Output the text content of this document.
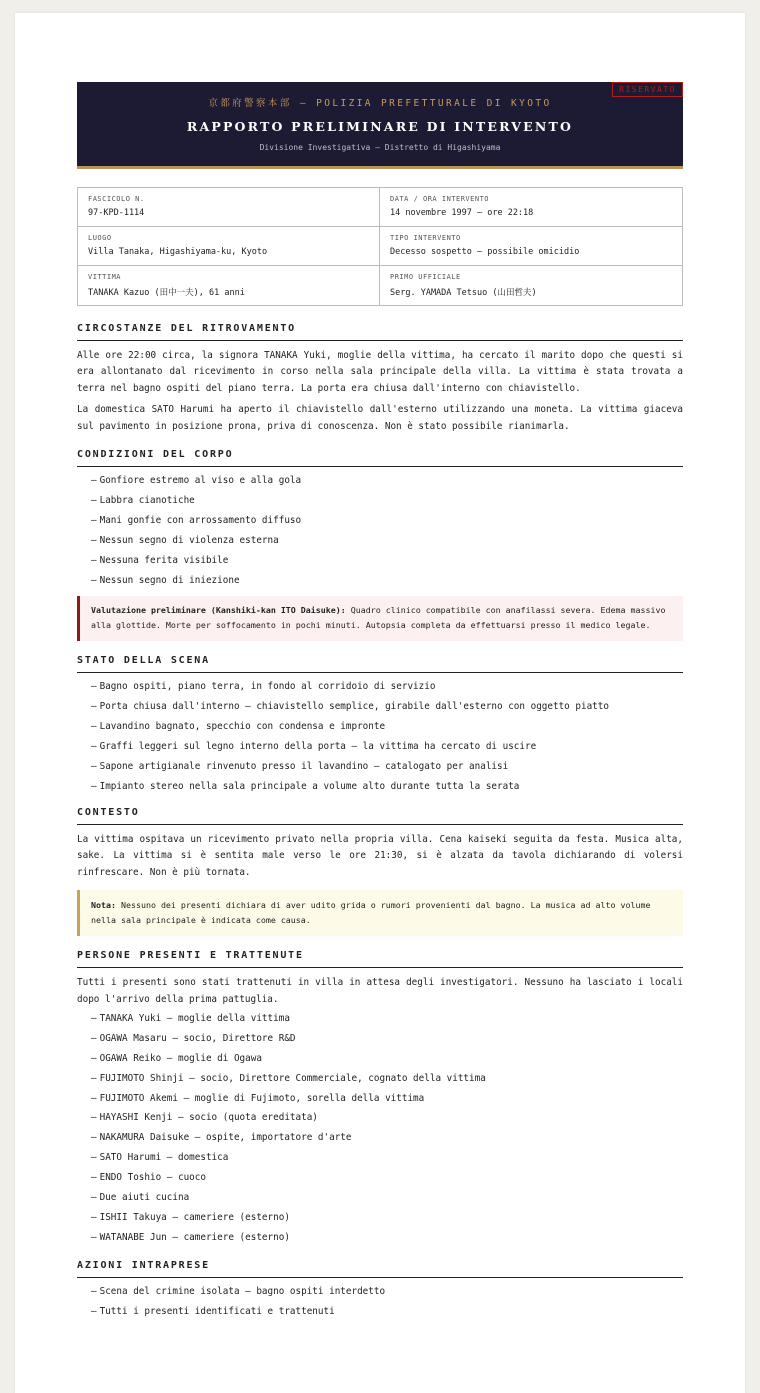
京都府警察本部 — POLIZIA PREFETTURALE DI KYOTO
RAPPORTO PRELIMINARE DI INTERVENTO
Divisione Investigativa — Distretto di Higashiyama
RISERVATO
FASCICOLO N.
97-KPD-1114
DATA / ORA INTERVENTO
14 novembre 1997 — ore 22:18
LUOGO
Villa Tanaka, Higashiyama-ku, Kyoto
TIPO INTERVENTO
Decesso sospetto — possibile omicidio
VITTIMA
TANAKA Kazuo (田中一夫), 61 anni
PRIMO UFFICIALE
Serg. YAMADA Tetsuo (山田哲夫)
CIRCOSTANZE DEL RITROVAMENTO

Alle ore 22:00 circa, la signora TANAKA Yuki, moglie della vittima, ha cercato il marito dopo che questi si era allontanato dal ricevimento in corso nella sala principale della villa. La vittima è stata trovata a terra nel bagno ospiti del piano terra. La porta era chiusa dall'interno con chiavistello.

La domestica SATO Harumi ha aperto il chiavistello dall'esterno utilizzando una moneta. La vittima giaceva sul pavimento in posizione prona, priva di conoscenza. Non è stato possibile rianimarla.

CONDIZIONI DEL CORPO
— Gonfiore estremo al viso e alla gola
— Labbra cianotiche
— Mani gonfie con arrossamento diffuso
— Nessun segno di violenza esterna
— Nessuna ferita visibile
— Nessun segno di iniezione
Valutazione preliminare (Kanshiki-kan ITO Daisuke): Quadro clinico compatibile con anafilassi severa. Edema massivo alla glottide. Morte per soffocamento in pochi minuti. Autopsia completa da effettuarsi presso il medico legale.
STATO DELLA SCENA
— Bagno ospiti, piano terra, in fondo al corridoio di servizio
— Porta chiusa dall'interno — chiavistello semplice, girabile dall'esterno con oggetto piatto
— Lavandino bagnato, specchio con condensa e impronte
— Graffi leggeri sul legno interno della porta — la vittima ha cercato di uscire
— Sapone artigianale rinvenuto presso il lavandino — catalogato per analisi
— Impianto stereo nella sala principale a volume alto durante tutta la serata
CONTESTO

La vittima ospitava un ricevimento privato nella propria villa. Cena kaiseki seguita da festa. Musica alta, sake. La vittima si è sentita male verso le ore 21:30, si è alzata da tavola dichiarando di volersi rinfrescare. Non è più tornata.

Nota: Nessuno dei presenti dichiara di aver udito grida o rumori provenienti dal bagno. La musica ad alto volume nella sala principale è indicata come causa.
PERSONE PRESENTI E TRATTENUTE

Tutti i presenti sono stati trattenuti in villa in attesa degli investigatori. Nessuno ha lasciato i locali dopo l'arrivo della prima pattuglia.

— TANAKA Yuki — moglie della vittima
— OGAWA Masaru — socio, Direttore R&D
— OGAWA Reiko — moglie di Ogawa
— FUJIMOTO Shinji — socio, Direttore Commerciale, cognato della vittima
— FUJIMOTO Akemi — moglie di Fujimoto, sorella della vittima
— HAYASHI Kenji — socio (quota ereditata)
— NAKAMURA Daisuke — ospite, importatore d'arte
— SATO Harumi — domestica
— ENDO Toshio — cuoco
— Due aiuti cucina
— ISHII Takuya — cameriere (esterno)
— WATANABE Jun — cameriere (esterno)
AZIONI INTRAPRESE
— Scena del crimine isolata — bagno ospiti interdetto
— Tutti i presenti identificati e trattenuti
